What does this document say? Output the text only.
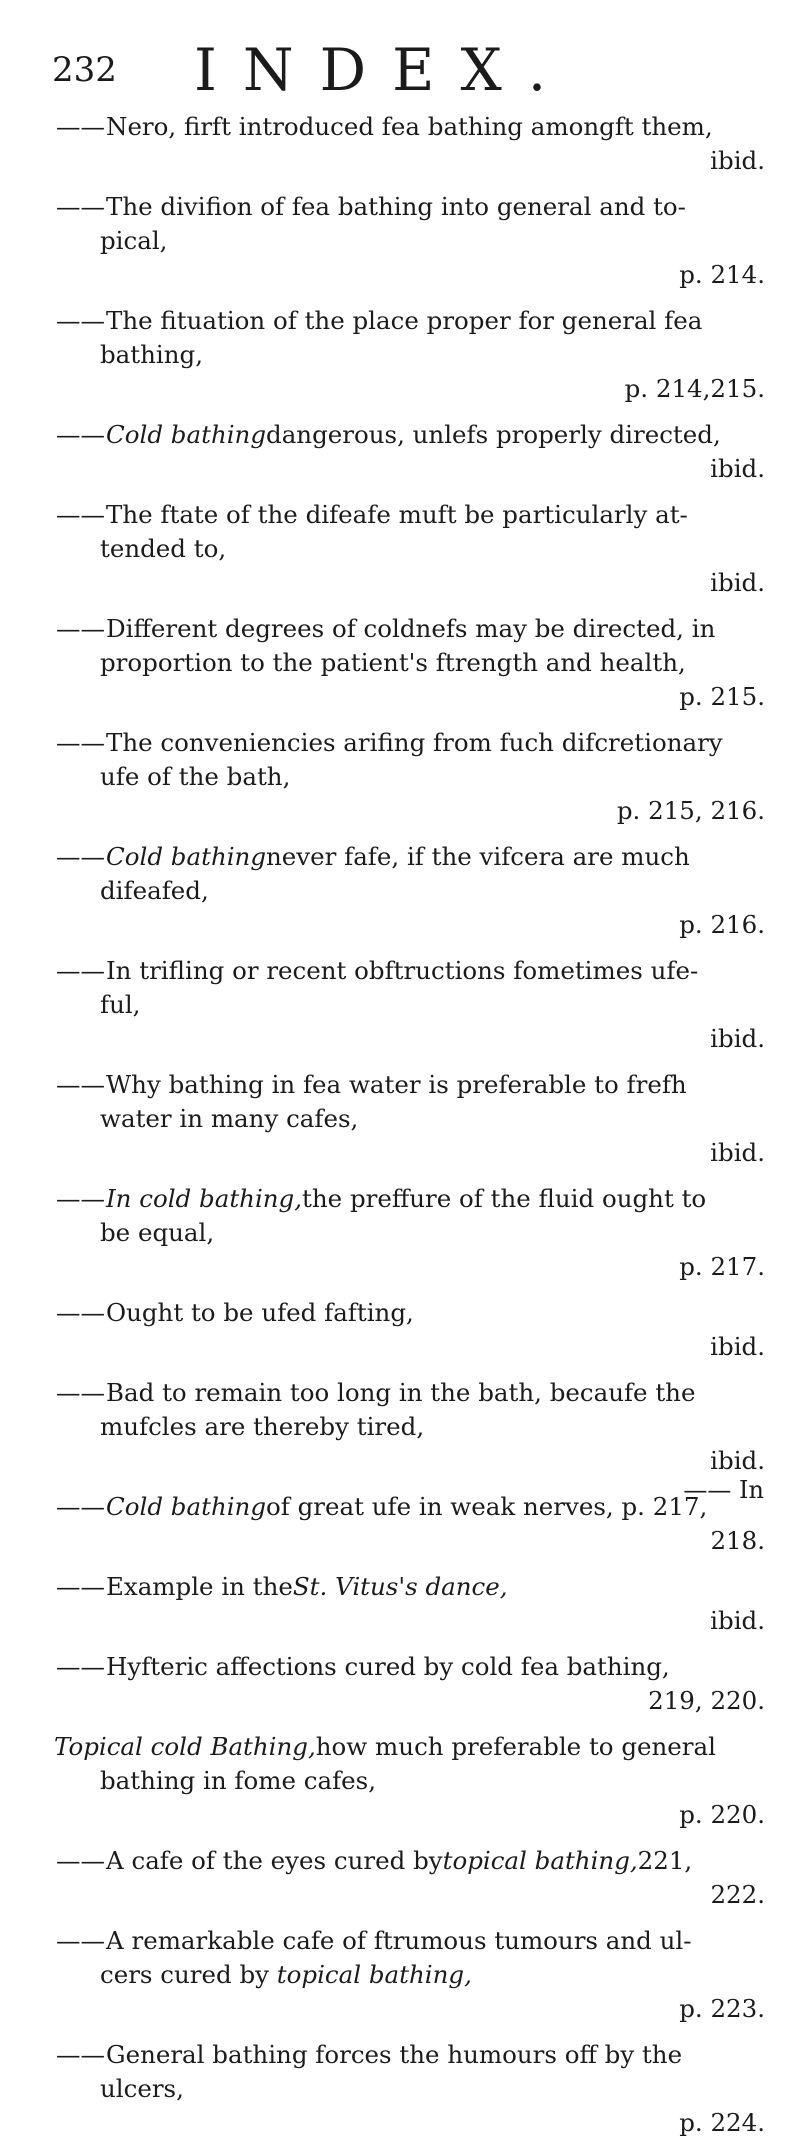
232 INDEX.
—— Nero, firft introduced fea bathing amongft them,
ibid.
—— The divifion of fea bathing into general and to-
pical,
p. 214.
—— The fituation of the place proper for general fea
bathing,
p. 214,215.
—— Cold bathing dangerous, unlefs properly directed,
ibid.
—— The ftate of the difeafe muft be particularly at-
tended to,
ibid.
—— Different degrees of coldnefs may be directed, in
proportion to the patient's ftrength and health,
p. 215.
—— The conveniencies arifing from fuch difcretionary
ufe of the bath,
p. 215, 216.
—— Cold bathing never fafe, if the vifcera are much
difeafed,
p. 216.
—— In trifling or recent obftructions fometimes ufe-
ful,
ibid.
—— Why bathing in fea water is preferable to frefh
water in many cafes,
ibid.
—— In cold bathing, the preffure of the fluid ought to
be equal,
p. 217.
—— Ought to be ufed fafting,
ibid.
—— Bad to remain too long in the bath, becaufe the
mufcles are thereby tired,
ibid.
—— Cold bathing of great ufe in weak nerves, p. 217,
218.
—— Example in the St. Vitus's dance,
ibid.
—— Hyfteric affections cured by cold fea bathing,
219, 220.
Topical cold Bathing, how much preferable to general
bathing in fome cafes,
p. 220.
—— A cafe of the eyes cured by topical bathing, 221,
222.
—— A remarkable cafe of ftrumous tumours and ul-
cers cured by topical bathing,
p. 223.
—— General bathing forces the humours off by the
ulcers,
p. 224.
—— In
